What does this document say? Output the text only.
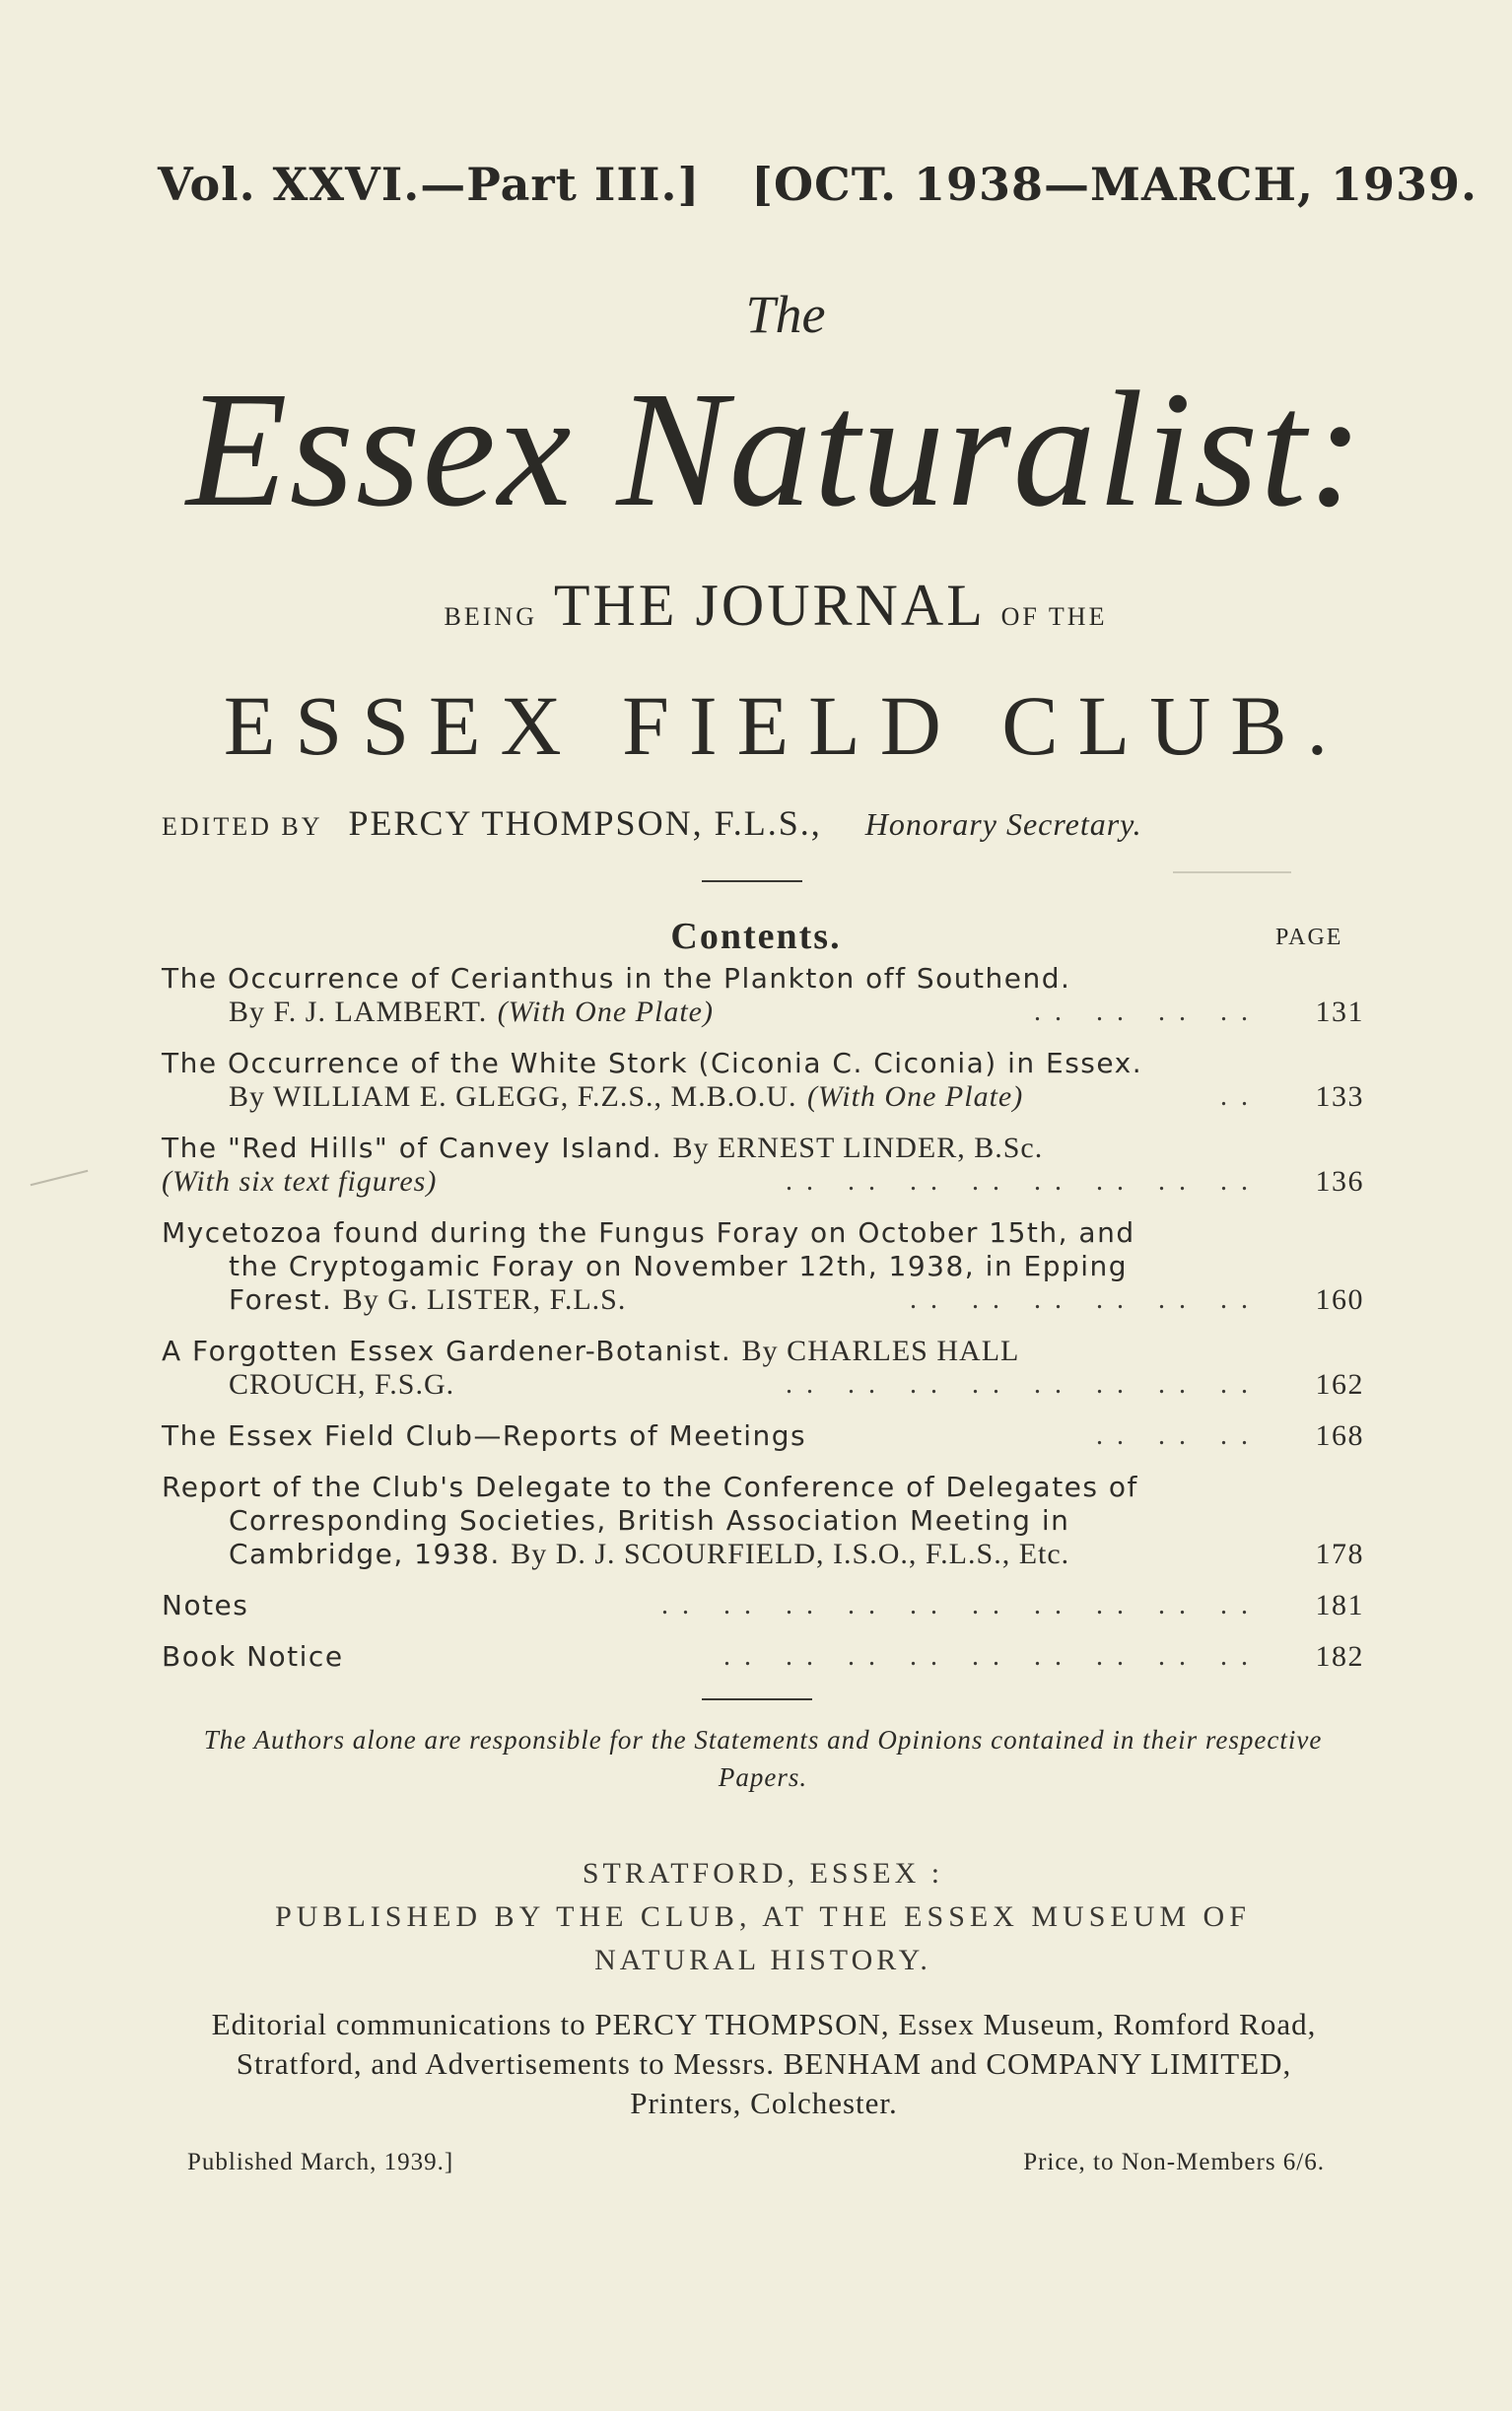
Vol. XXVI.—Part III.] [OCT. 1938—MARCH, 1939.
The
Essex Naturalist:
BEING THE JOURNAL OF THE
ESSEX FIELD CLUB.
EDITED BY PERCY THOMPSON, F.L.S., Honorary Secretary.
Contents.	PAGE
The Occurrence of Cerianthus in the Plankton off Southend.
By F. J. LAMBERT. (With One Plate)	.. .. .. ..	131
The Occurrence of the White Stork (Ciconia C. Ciconia) in Essex.
By WILLIAM E. GLEGG, F.Z.S., M.B.O.U. (With One Plate)	..	133
The "Red Hills" of Canvey Island. By ERNEST LINDER, B.Sc.
(With six text figures)	.. .. .. .. .. .. .. ..	136
Mycetozoa found during the Fungus Foray on October 15th, and
the Cryptogamic Foray on November 12th, 1938, in Epping
Forest. By G. LISTER, F.L.S.	.. .. .. .. .. ..	160
A Forgotten Essex Gardener-Botanist. By CHARLES HALL
CROUCH, F.S.G.	.. .. .. .. .. .. .. ..	162
The Essex Field Club—Reports of Meetings	.. .. ..	168
Report of the Club's Delegate to the Conference of Delegates of
Corresponding Societies, British Association Meeting in
Cambridge, 1938. By D. J. SCOURFIELD, I.S.O., F.L.S., Etc.	178
Notes	.. .. .. .. .. .. .. .. .. ..	181
Book Notice	.. .. .. .. .. .. .. .. ..	182
The Authors alone are responsible for the Statements and Opinions contained in their respective Papers.
STRATFORD, ESSEX :
PUBLISHED BY THE CLUB, AT THE ESSEX MUSEUM OF
NATURAL HISTORY.
Editorial communications to PERCY THOMPSON, Essex Museum, Romford Road, Stratford, and Advertisements to Messrs. BENHAM and COMPANY LIMITED, Printers, Colchester.
Published March, 1939.]	Price, to Non-Members 6/6.
